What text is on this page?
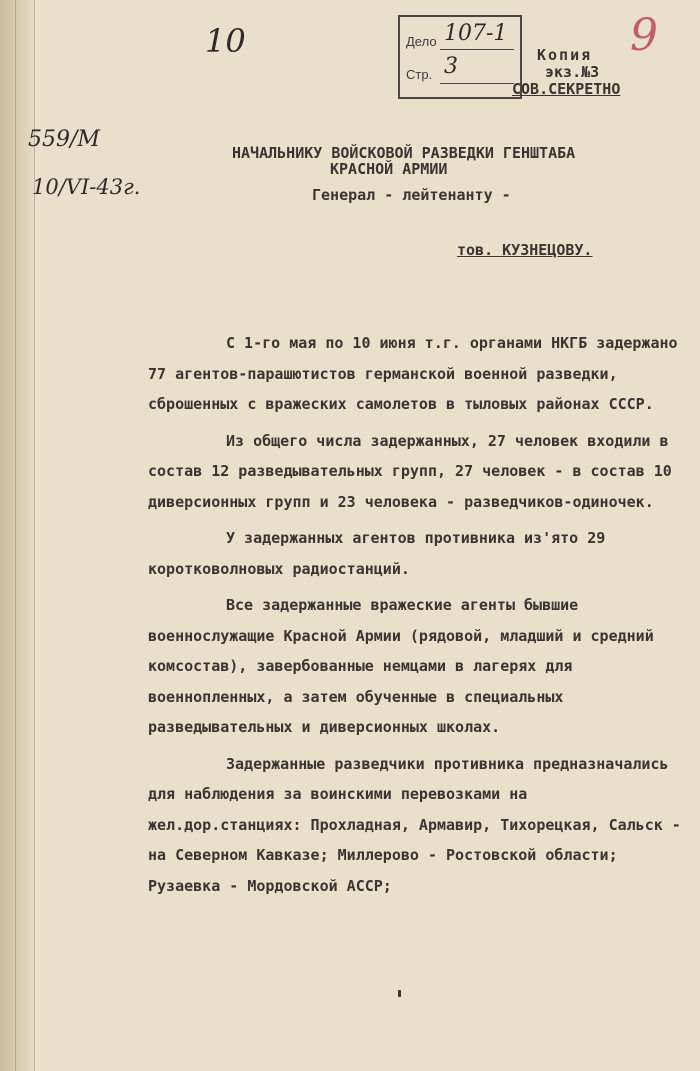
10	Дело 107-1
Стр. 3
9
Копия
экз.№3
СОВ.СЕКРЕТНО
559/М
10/VI-43г.
НАЧАЛЬНИКУ ВОЙСКОВОЙ РАЗВЕДКИ ГЕНШТАБА
КРАСНОЙ АРМИИ
Генерал - лейтенанту -
тов. КУЗНЕЦОВУ.

С 1-го мая по 10 июня т.г. органами НКГБ задержано 77 агентов-парашютистов германской военной разведки, сброшенных с вражеских самолетов в тыловых районах СССР.

Из общего числа задержанных, 27 человек входили в состав 12 разведывательных групп, 27 человек - в состав 10 диверсионных групп и 23 человека - разведчиков-одиночек.

У задержанных агентов противника из'ято 29 коротковолновых радиостанций.

Все задержанные вражеские агенты бывшие военнослужащие Красной Армии (рядовой, младший и средний комсостав), завербованные немцами в лагерях для военнопленных, а затем обученные в специальных разведывательных и диверсионных школах.

Задержанные разведчики противника предназначались для наблюдения за воинскими перевозками на жел.дор.станциях: Прохладная, Армавир, Тихорецкая, Сальск - на Северном Кавказе; Миллерово - Ростовской области; Рузаевка - Мордовской АССР;
